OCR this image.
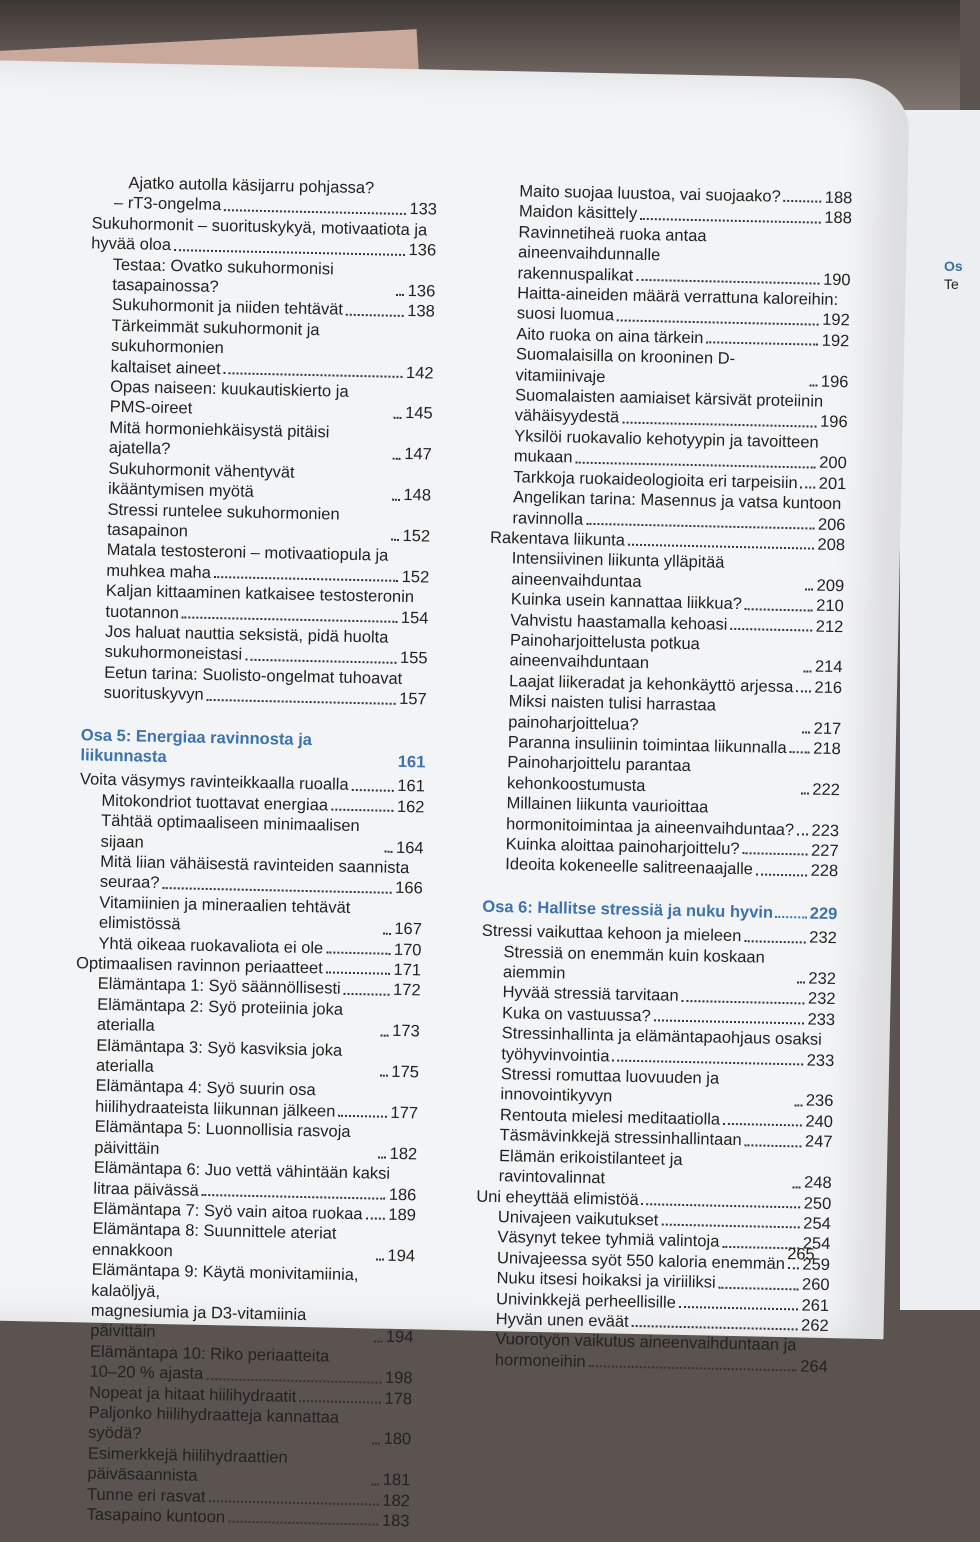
Os
Te
Ajatko autolla käsijarru pohjassa?
– rT3-ongelma	133
Sukuhormonit – suorituskykyä, motivaatiota ja
hyvää oloa	136
Testaa: Ovatko sukuhormonisi tasapainossa?	136
Sukuhormonit ja niiden tehtävät	138
Tärkeimmät sukuhormonit ja sukuhormonien
kaltaiset aineet	142
Opas naiseen: kuukautiskierto ja PMS-oireet	145
Mitä hormoniehkäisystä pitäisi ajatella?	147
Sukuhormonit vähentyvät ikääntymisen myötä	148
Stressi runtelee sukuhormonien tasapainon	152
Matala testosteroni – motivaatiopula ja
muhkea maha	152
Kaljan kittaaminen katkaisee testosteronin
tuotannon	154
Jos haluat nauttia seksistä, pidä huolta
sukuhormoneistasi	155
Eetun tarina: Suolisto-ongelmat tuhoavat
suorituskyvyn	157
Osa 5: Energiaa ravinnosta ja liikunnasta	161
Voita väsymys ravinteikkaalla ruoalla	161
Mitokondriot tuottavat energiaa	162
Tähtää optimaaliseen minimaalisen sijaan	164
Mitä liian vähäisestä ravinteiden saannista
seuraa?	166
Vitamiinien ja mineraalien tehtävät elimistössä	167
Yhtä oikeaa ruokavaliota ei ole	170
Optimaalisen ravinnon periaatteet	171
Elämäntapa 1: Syö säännöllisesti	172
Elämäntapa 2: Syö proteiinia joka aterialla	173
Elämäntapa 3: Syö kasviksia joka aterialla	175
Elämäntapa 4: Syö suurin osa
hiilihydraateista liikunnan jälkeen	177
Elämäntapa 5: Luonnollisia rasvoja päivittäin	182
Elämäntapa 6: Juo vettä vähintään kaksi
litraa päivässä	186
Elämäntapa 7: Syö vain aitoa ruokaa 189
Elämäntapa 8: Suunnittele ateriat ennakkoon	194
Elämäntapa 9: Käytä monivitamiinia, kalaöljyä,
magnesiumia ja D3-vitamiinia päivittäin	194
Elämäntapa 10: Riko periaatteita
10–20 % ajasta	198
Nopeat ja hitaat hiilihydraatit	178
Paljonko hiilihydraatteja kannattaa syödä?	180
Esimerkkejä hiilihydraattien päiväsaannista	181
Tunne eri rasvat	182
Tasapaino kuntoon	183
Maito suojaa luustoa, vai suojaako?	188
Maidon käsittely	188
Ravinnetiheä ruoka antaa aineenvaihdunnalle
rakennuspalikat	190
Haitta-aineiden määrä verrattuna kaloreihin:
suosi luomua	192
Aito ruoka on aina tärkein	192
Suomalaisilla on krooninen D-vitamiinivaje	196
Suomalaisten aamiaiset kärsivät proteiinin
vähäisyydestä	196
Yksilöi ruokavalio kehotyypin ja tavoitteen
mukaan	200
Tarkkoja ruokaideologioita eri tarpeisiin 201
Angelikan tarina: Masennus ja vatsa kuntoon
ravinnolla	206
Rakentava liikunta	208
Intensiivinen liikunta ylläpitää aineenvaihduntaa	209
Kuinka usein kannattaa liikkua?	210
Vahvistu haastamalla kehoasi	212
Painoharjoittelusta potkua aineenvaihduntaan	214
Laajat liikeradat ja kehonkäyttö arjessa 216
Miksi naisten tulisi harrastaa painoharjoittelua?	217
Paranna insuliinin toimintaa liikunnalla 218
Painoharjoittelu parantaa kehonkoostumusta	222
Millainen liikunta vaurioittaa
hormonitoimintaa ja aineenvaihduntaa? 223
Kuinka aloittaa painoharjoittelu?	227
Ideoita kokeneelle salitreenaajalle	228
Osa 6: Hallitse stressiä ja nuku hyvin 229
Stressi vaikuttaa kehoon ja mieleen	232
Stressiä on enemmän kuin koskaan aiemmin	232
Hyvää stressiä tarvitaan	232
Kuka on vastuussa?	233
Stressinhallinta ja elämäntapaohjaus osaksi
työhyvinvointia	233
Stressi romuttaa luovuuden ja innovointikyvyn	236
Rentouta mielesi meditaatiolla	240
Täsmävinkkejä stressinhallintaan	247
Elämän erikoistilanteet ja ravintovalinnat	248
Uni eheyttää elimistöä	250
Univajeen vaikutukset	254
Väsynyt tekee tyhmiä valintoja	254
Univajeessa syöt 550 kaloria enemmän 259
Nuku itsesi hoikaksi ja viriiliksi	260
Univinkkejä perheellisille	261
Hyvän unen eväät	262
Vuorotyön vaikutus aineenvaihduntaan ja
hormoneihin	264
265
